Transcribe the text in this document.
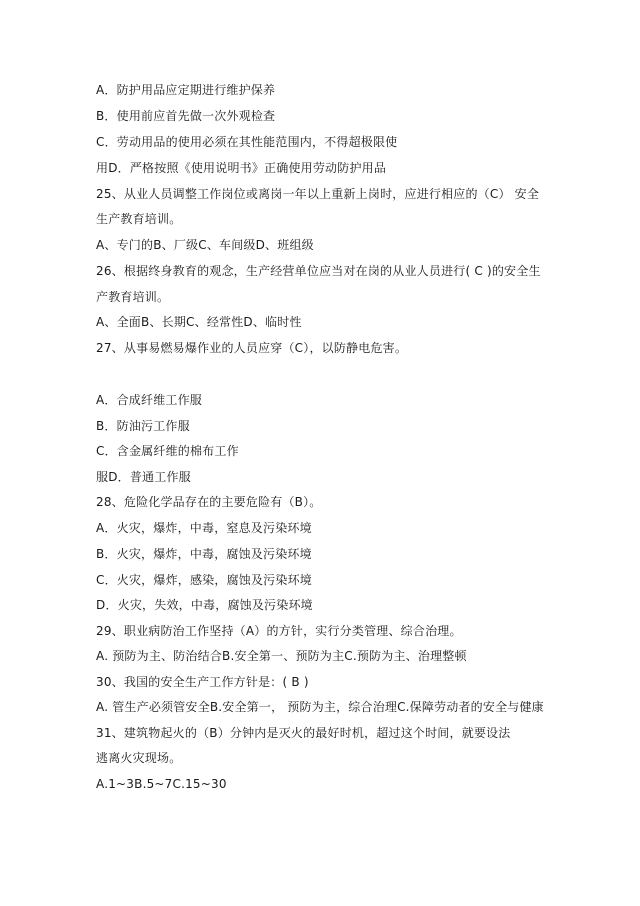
A．防护用品应定期进行维护保养
B．使用前应首先做一次外观检查
C．劳动用品的使用必须在其性能范围内，不得超极限使
用D．严格按照《使用说明书》正确使用劳动防护用品
25、从业人员调整工作岗位或离岗一年以上重新上岗时，应进行相应的（C） 安全
生产教育培训。
A、专门的B、厂级C、车间级D、班组级
26、根据终身教育的观念，生产经营单位应当对在岗的从业人员进行( C )的安全生
产教育培训。
A、全面B、长期C、经常性D、临时性
27、从事易燃易爆作业的人员应穿（C），以防静电危害。
A．合成纤维工作服
B．防油污工作服
C．含金属纤维的棉布工作
服D．普通工作服
28、危险化学品存在的主要危险有（B）。
A．火灾，爆炸，中毒，窒息及污染环境
B．火灾，爆炸，中毒，腐蚀及污染环境
C．火灾，爆炸，感染，腐蚀及污染环境
D．火灾，失效，中毒，腐蚀及污染环境
29、职业病防治工作坚持（A）的方针，实行分类管理、综合治理。
A. 预防为主、防治结合B.安全第一、预防为主C.预防为主、治理整顿
30、我国的安全生产工作方针是：( B )
A. 管生产必须管安全B.安全第一， 预防为主，综合治理C.保障劳动者的安全与健康
31、建筑物起火的（B）分钟内是灭火的最好时机，超过这个时间，就要设法
逃离火灾现场。
A.1~3B.5~7C.15~30
